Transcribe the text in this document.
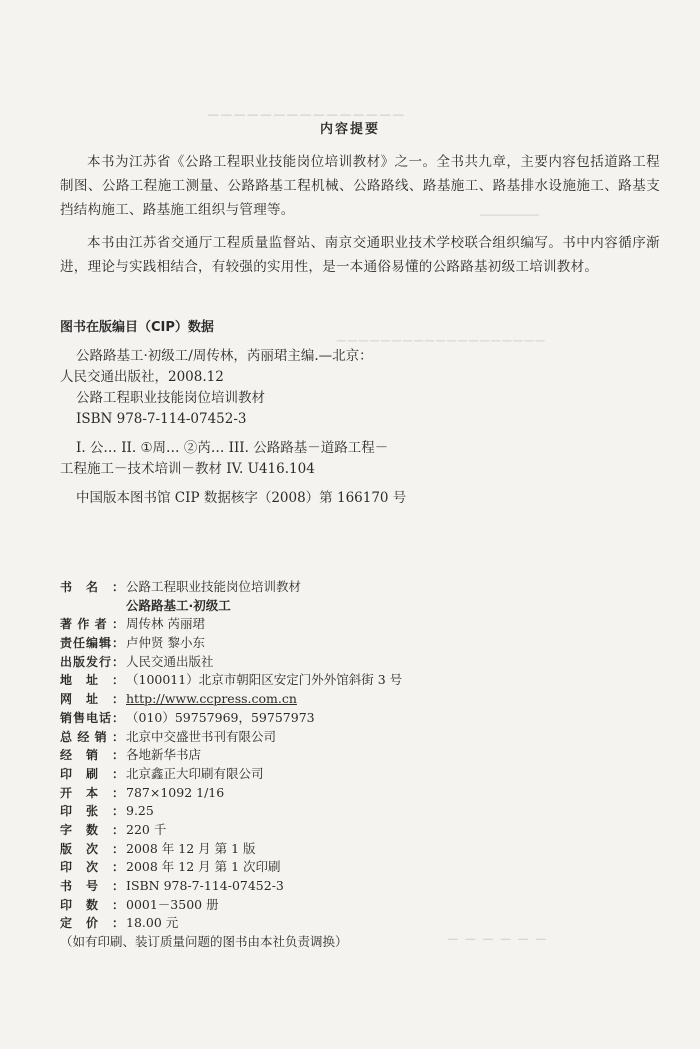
───────────────
───────
───────────────────
──────
内容提要

本书为江苏省《公路工程职业技能岗位培训教材》之一。全书共九章，主要内容包括道路工程制图、公路工程施工测量、公路路基工程机械、公路路线、路基施工、路基排水设施施工、路基支挡结构施工、路基施工组织与管理等。

本书由江苏省交通厅工程质量监督站、南京交通职业技术学校联合组织编写。书中内容循序渐进，理论与实践相结合，有较强的实用性，是一本通俗易懂的公路路基初级工培训教材。

图书在版编目（CIP）数据
公路路基工·初级工/周传林，芮丽珺主编.—北京：
人民交通出版社，2008.12
公路工程职业技能岗位培训教材
ISBN 978-7-114-07452-3
I. 公… II. ①周… ②芮… III. 公路路基－道路工程－
工程施工－技术培训－教材 IV. U416.104
中国版本图书馆 CIP 数据核字（2008）第 166170 号
书 名 ： 公路工程职业技能岗位培训教材
公路路基工·初级工
著 作 者 ： 周传林 芮丽珺
责 任 编 辑 ： 卢仲贤 黎小东
出 版 发 行 ： 人民交通出版社
地 址 ： （100011）北京市朝阳区安定门外外馆斜街 3 号
网 址 ： http://www.ccpress.com.cn
销 售 电 话 ： （010）59757969，59757973
总 经 销 ： 北京中交盛世书刊有限公司
经 销 ： 各地新华书店
印 刷 ： 北京鑫正大印刷有限公司
开 本 ： 787×1092 1/16
印 张 ： 9.25
字 数 ： 220 千
版 次 ： 2008 年 12 月 第 1 版
印 次 ： 2008 年 12 月 第 1 次印刷
书 号 ： ISBN 978-7-114-07452-3
印 数 ： 0001－3500 册
定 价 ： 18.00 元
（如有印刷、装订质量问题的图书由本社负责调换）
